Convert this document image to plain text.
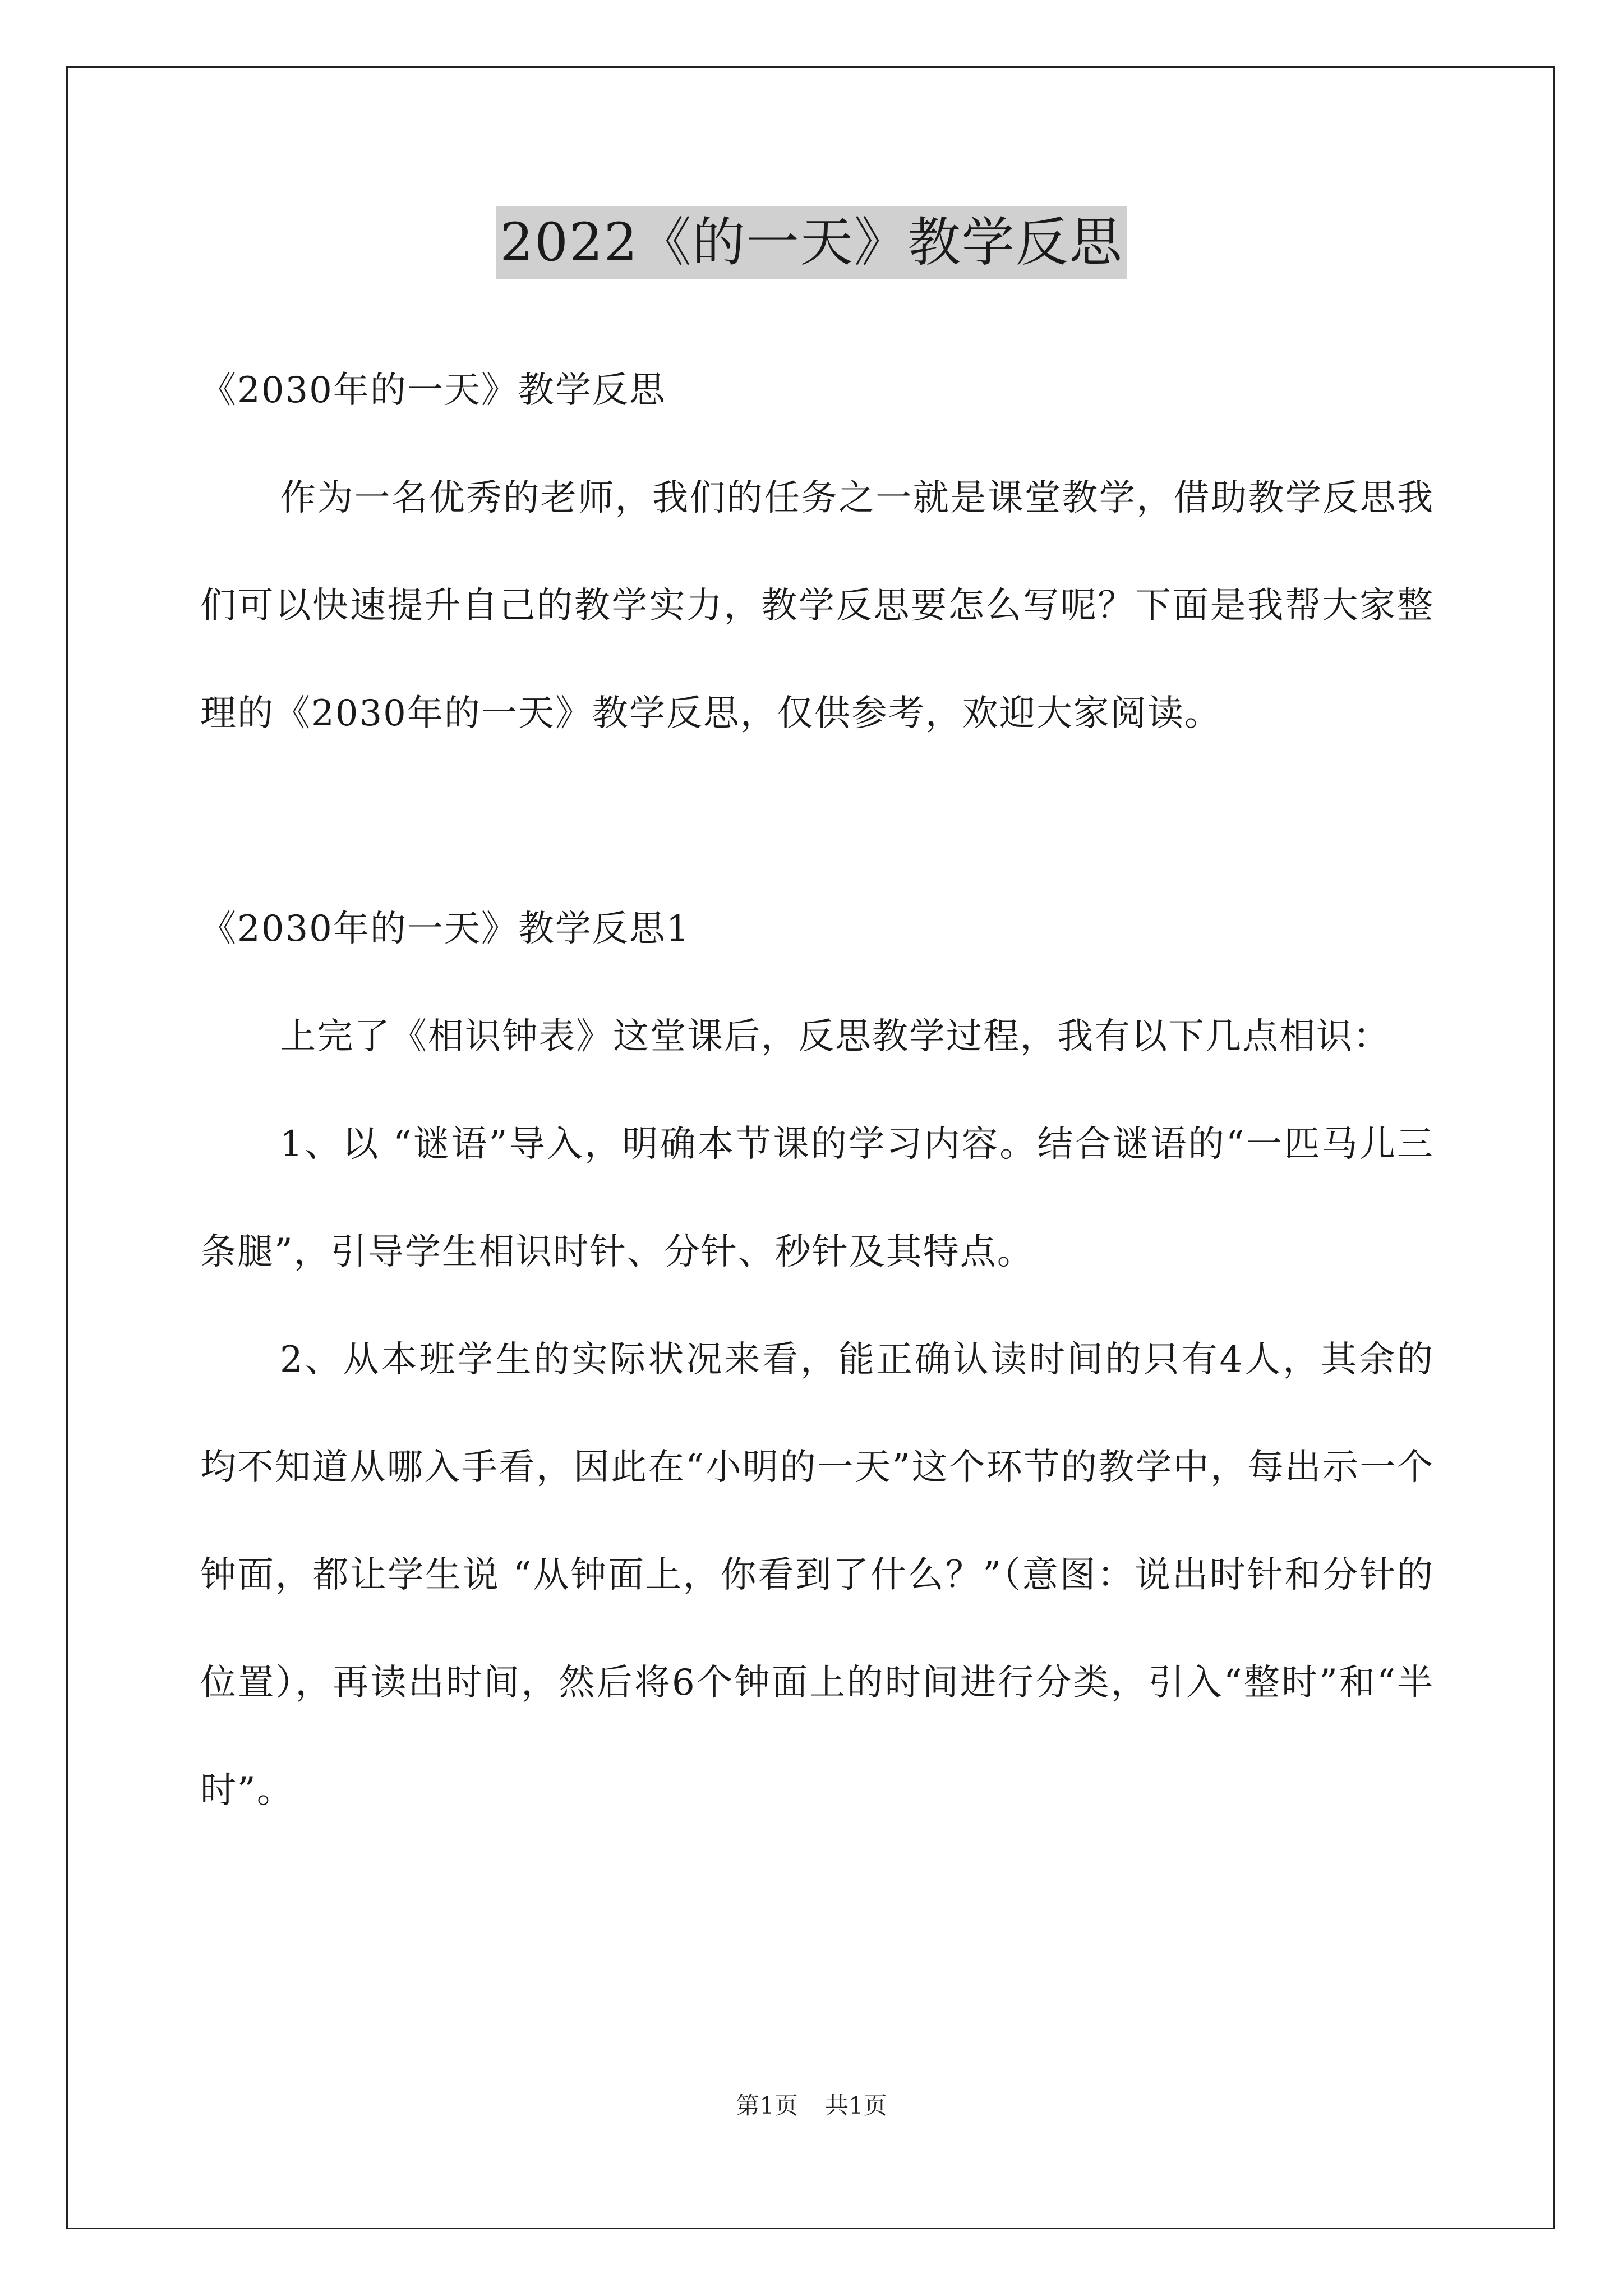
2022《的一天》教学反思

《2030年的一天》教学反思

作为一名优秀的老师，我们的任务之一就是课堂教学，借助教学反思我们可以快速提升自己的教学实力，教学反思要怎么写呢？下面是我帮大家整理的《2030年的一天》教学反思，仅供参考，欢迎大家阅读。

《2030年的一天》教学反思1

上完了《相识钟表》这堂课后，反思教学过程，我有以下几点相识：

1、以 “谜语”导入，明确本节课的学习内容。结合谜语的“一匹马儿三条腿”，引导学生相识时针、分针、秒针及其特点。

2、从本班学生的实际状况来看，能正确认读时间的只有4人，其余的均不知道从哪入手看，因此在“小明的一天”这个环节的教学中，每出示一个钟面，都让学生说 “从钟面上，你看到了什么？”（意图：说出时针和分针的位置），再读出时间，然后将6个钟面上的时间进行分类，引入“整时”和“半时”。

第1页 共1页
